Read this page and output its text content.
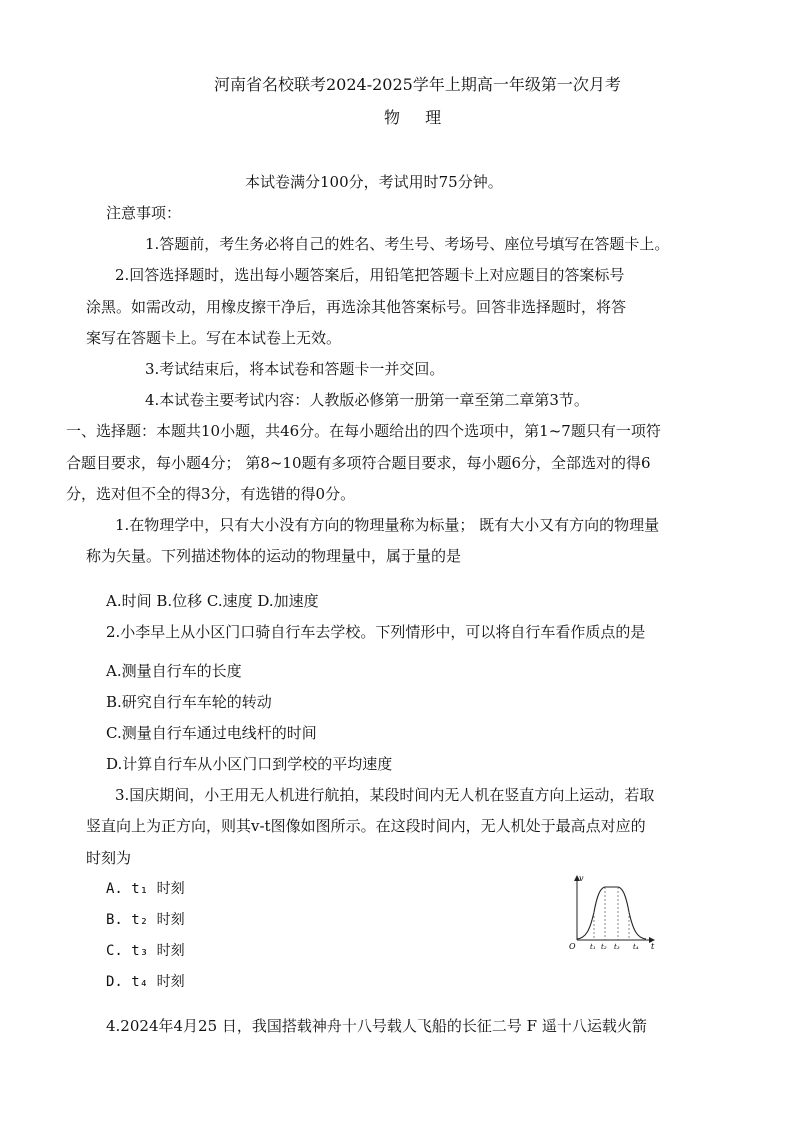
河南省名校联考2024-2025学年上期高一年级第一次月考
物 理
本试卷满分100分，考试用时75分钟。
注意事项：
1.答题前，考生务必将自己的姓名、考生号、考场号、座位号填写在答题卡上。
2.回答选择题时，选出每小题答案后，用铅笔把答题卡上对应题目的答案标号
涂黑。如需改动，用橡皮擦干净后，再选涂其他答案标号。回答非选择题时，将答
案写在答题卡上。写在本试卷上无效。
3.考试结束后，将本试卷和答题卡一并交回。
4.本试卷主要考试内容：人教版必修第一册第一章至第二章第3节。
一、选择题：本题共10小题，共46分。在每小题给出的四个选项中，第1~7题只有一项符
合题目要求，每小题4分； 第8~10题有多项符合题目要求，每小题6分，全部选对的得6
分，选对但不全的得3分，有选错的得0分。
1.在物理学中，只有大小没有方向的物理量称为标量； 既有大小又有方向的物理量
称为矢量。下列描述物体的运动的物理量中，属于量的是
A.时间 B.位移 C.速度 D.加速度
2.小李早上从小区门口骑自行车去学校。下列情形中，可以将自行车看作质点的是
A.测量自行车的长度
B.研究自行车车轮的转动
C.测量自行车通过电线杆的时间
D.计算自行车从小区门口到学校的平均速度
3.国庆期间，小王用无人机进行航拍，某段时间内无人机在竖直方向上运动，若取
竖直向上为正方向，则其v-t图像如图所示。在这段时间内，无人机处于最高点对应的
时刻为
A. t₁ 时刻
B. t₂ 时刻
C. t₃ 时刻
D. t₄ 时刻
v
t
O t₁ t₂ t₃ t₄
4.2024年4月25 日，我国搭载神舟十八号载人飞船的长征二号 F 遥十八运载火箭
